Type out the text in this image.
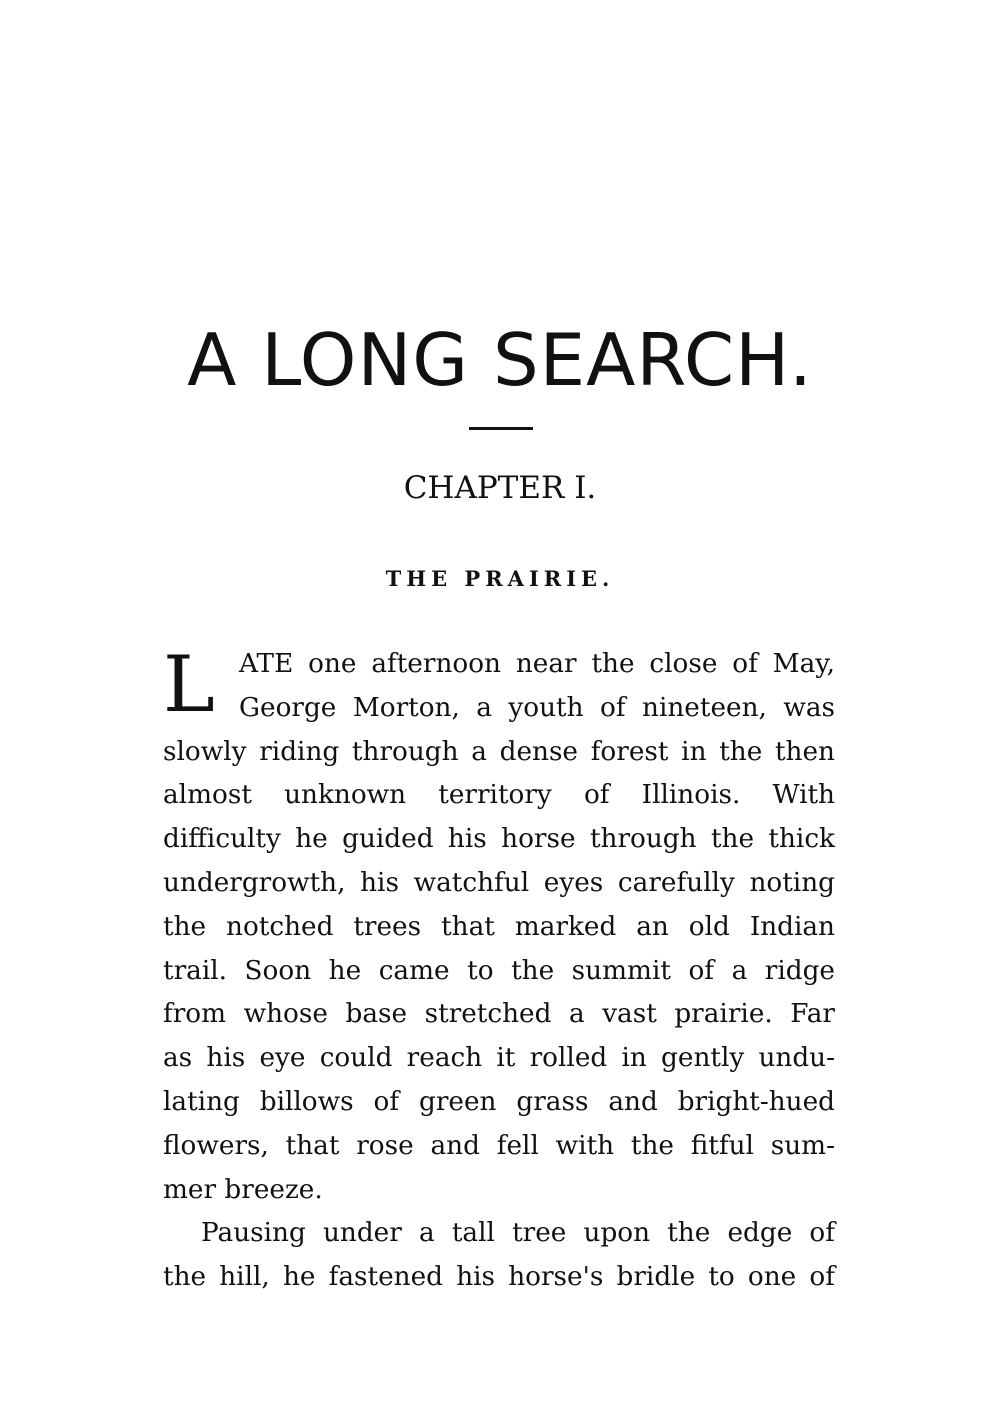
A LONG SEARCH.
CHAPTER I.
THE PRAIRIE.
L ATE one afternoon near the close of May,
George Morton, a youth of nineteen, was
slowly riding through a dense forest in the then
almost unknown territory of Illinois. With
difficulty he guided his horse through the thick
undergrowth, his watchful eyes carefully noting
the notched trees that marked an old Indian
trail. Soon he came to the summit of a ridge
from whose base stretched a vast prairie. Far
as his eye could reach it rolled in gently undu-
lating billows of green grass and bright-hued
flowers, that rose and fell with the fitful sum-
mer breeze.
Pausing under a tall tree upon the edge of
the hill, he fastened his horse's bridle to one of
